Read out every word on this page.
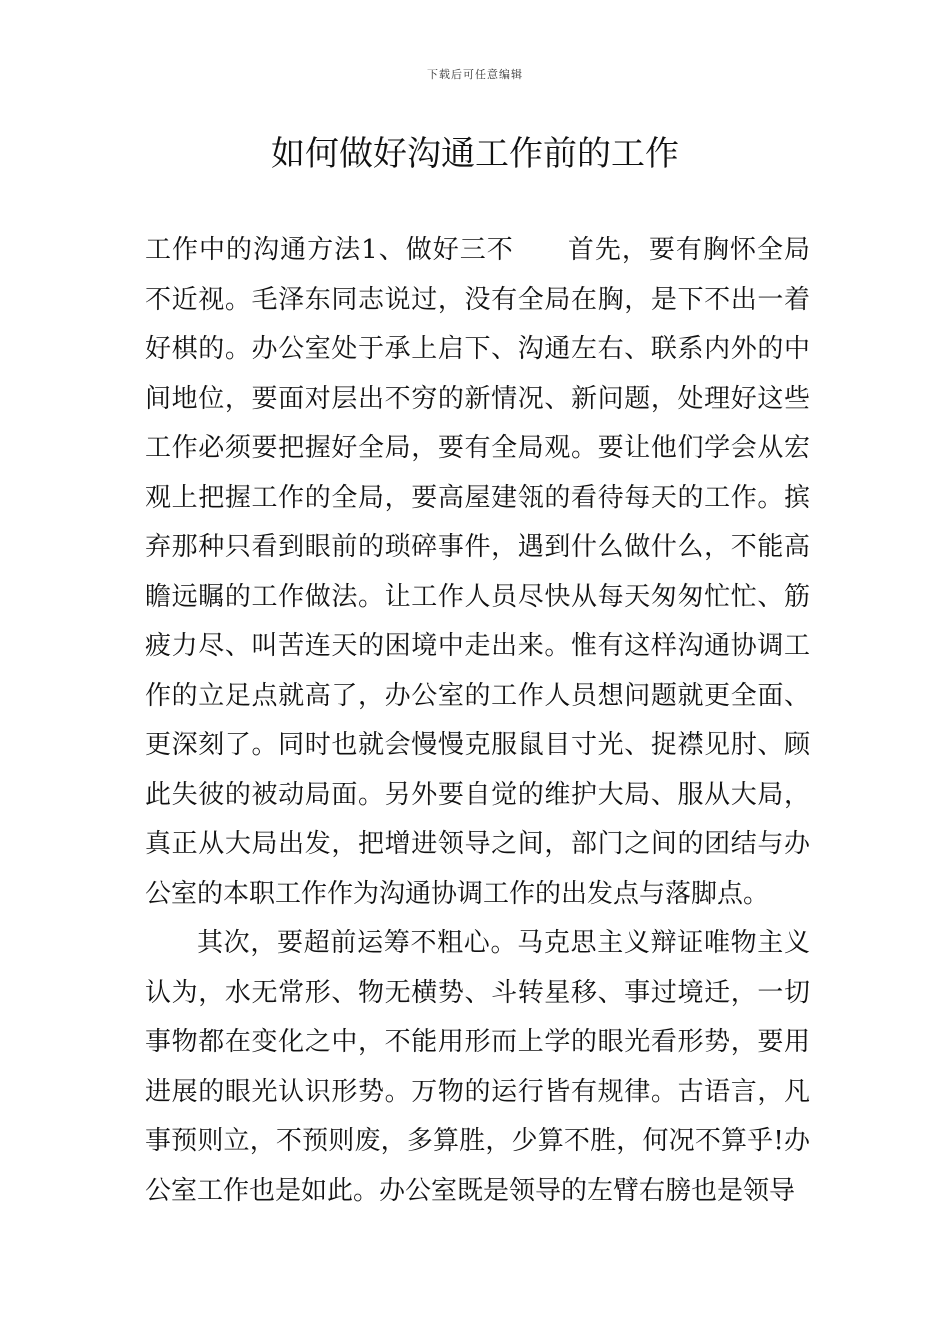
下载后可任意编辑
如何做好沟通工作前的工作

工作中的沟通方法1、做好三不　　首先，要有胸怀全局不近视。毛泽东同志说过，没有全局在胸，是下不出一着好棋的。办公室处于承上启下、沟通左右、联系内外的中间地位，要面对层出不穷的新情况、新问题，处理好这些工作必须要把握好全局，要有全局观。要让他们学会从宏观上把握工作的全局，要高屋建瓴的看待每天的工作。摈弃那种只看到眼前的琐碎事件，遇到什么做什么，不能高瞻远瞩的工作做法。让工作人员尽快从每天匆匆忙忙、筋疲力尽、叫苦连天的困境中走出来。惟有这样沟通协调工作的立足点就高了，办公室的工作人员想问题就更全面、更深刻了。同时也就会慢慢克服鼠目寸光、捉襟见肘、顾此失彼的被动局面。另外要自觉的维护大局、服从大局，真正从大局出发，把增进领导之间，部门之间的团结与办公室的本职工作作为沟通协调工作的出发点与落脚点。

其次，要超前运筹不粗心。马克思主义辩证唯物主义认为，水无常形、物无横势、斗转星移、事过境迁，一切事物都在变化之中，不能用形而上学的眼光看形势，要用进展的眼光认识形势。万物的运行皆有规律。古语言，凡事预则立，不预则废，多算胜，少算不胜，何况不算乎!办公室工作也是如此。办公室既是领导的左臂右膀也是领导
